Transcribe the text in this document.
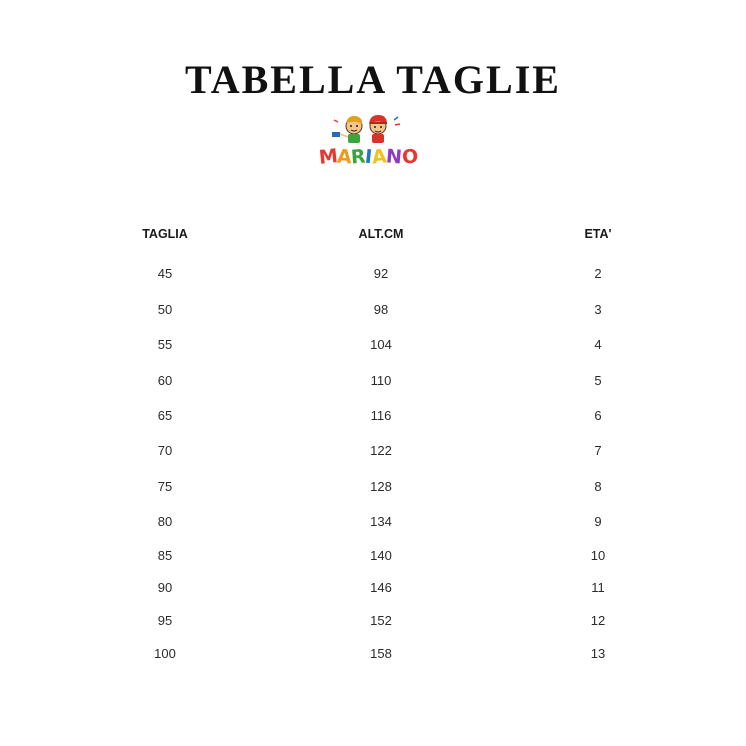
TABELLA TAGLIE
MARIANO
TAGLIA	ALT.CM	ETA'
45	92	2
50	98	3
55	104	4
60	110	5
65	116	6
70	122	7
75	128	8
80	134	9
85	140	10
90	146	11
95	152	12
100	158	13
